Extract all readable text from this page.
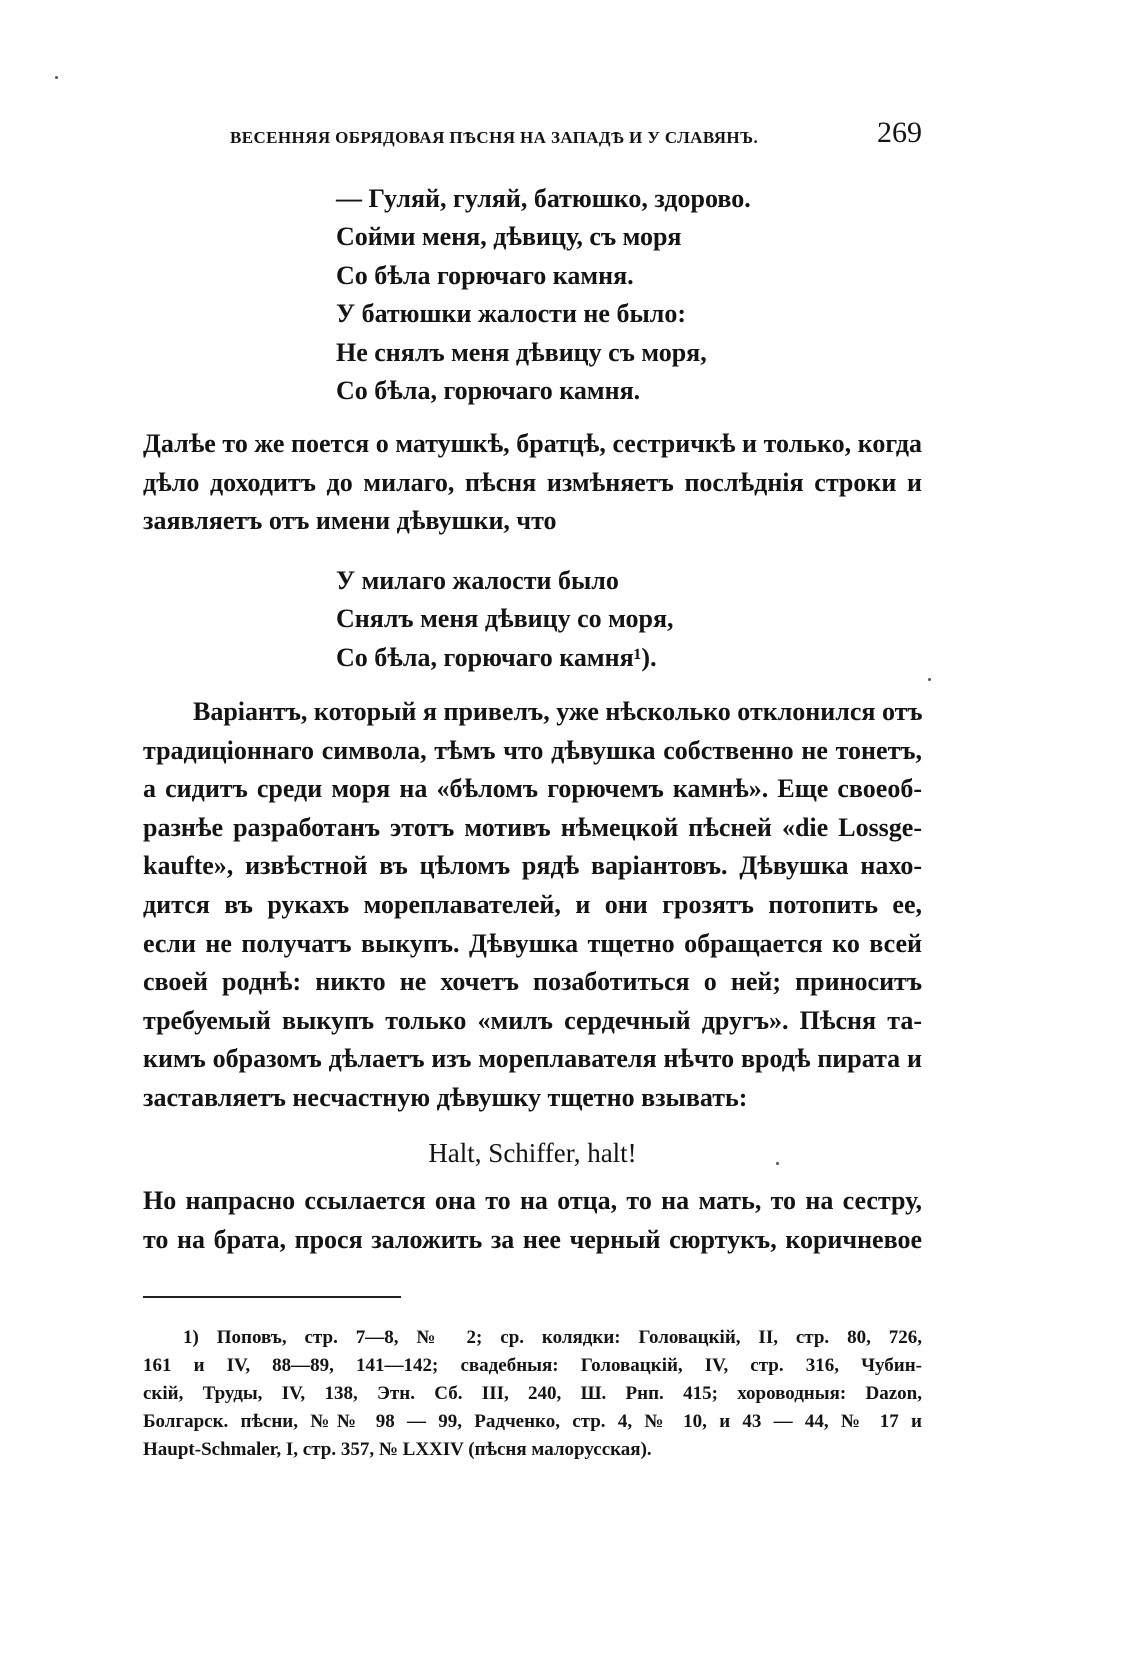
ВЕСЕННЯЯ ОБРЯДОВАЯ ПѢСНЯ НА ЗАПАДѢ И У СЛАВЯНЪ.	269
— Гуляй, гуляй, батюшко, здорово.
Сойми меня, дѣвицу, съ моря
Со бѣла горючаго камня.
У батюшки жалости не было:
Не снялъ меня дѣвицу съ моря,
Со бѣла, горючаго камня.
Далѣе то же поется о матушкѣ, братцѣ, сестричкѣ и только, когда
дѣло доходитъ до милаго, пѣсня измѣняетъ послѣднія строки и
заявляетъ отъ имени дѣвушки, что
У милаго жалости было
Снялъ меня дѣвицу со моря,
Со бѣла, горючаго камня¹).
Варіантъ, который я привелъ, уже нѣсколько отклонился отъ
традиціоннаго символа, тѣмъ что дѣвушка собственно не тонетъ,
а сидитъ среди моря на «бѣломъ горючемъ камнѣ». Еще своеоб-
разнѣе разработанъ этотъ мотивъ нѣмецкой пѣсней «die Lossge-
kaufte», извѣстной въ цѣломъ рядѣ варіантовъ. Дѣвушка нахо-
дится въ рукахъ мореплавателей, и они грозятъ потопить ее,
если не получатъ выкупъ. Дѣвушка тщетно обращается ко всей
своей роднѣ: никто не хочетъ позаботиться о ней; приноситъ
требуемый выкупъ только «милъ сердечный другъ». Пѣсня та-
кимъ образомъ дѣлаетъ изъ мореплавателя нѣчто вродѣ пирата и
заставляетъ несчастную дѣвушку тщетно взывать:
Halt, Schiffer, halt!
Но напрасно ссылается она то на отца, то на мать, то на сестру,
то на брата, прося заложить за нее черный сюртукъ, коричневое
1) Поповъ, стр. 7—8, № 2; ср. колядки: Головацкій, II, стр. 80, 726,
161 и IV, 88—89, 141—142; свадебныя: Головацкій, IV, стр. 316, Чубин-
скій, Труды, IV, 138, Этн. Сб. III, 240, Ш. Рнп. 415; хороводныя: Dazon,
Болгарск. пѣсни, №№ 98 — 99, Радченко, стр. 4, № 10, и 43 — 44, № 17 и
Haupt-Schmaler, I, стр. 357, № LXXIV (пѣсня малорусская).
